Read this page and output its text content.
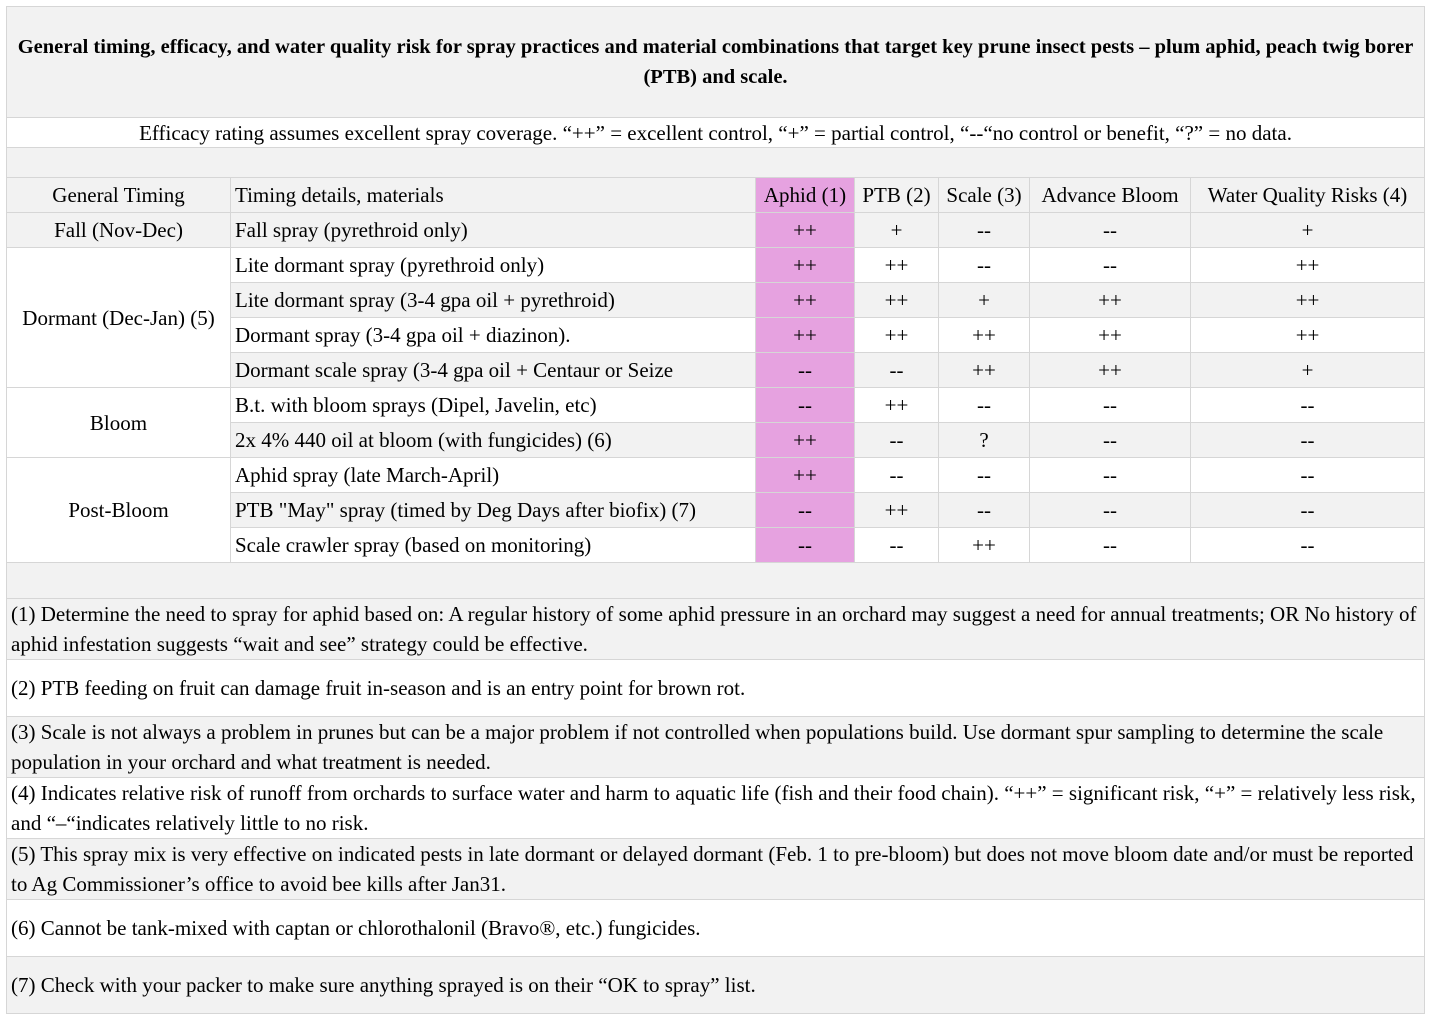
General timing, efficacy, and water quality risk for spray practices and material combinations that target key prune insect pests – plum aphid, peach twig borer (PTB) and scale.						
Efficacy rating assumes excellent spray coverage. “++” = excellent control, “+” = partial control, “--“no control or benefit, “?” = no data.						

General Timing	Timing details, materials	Aphid (1)	PTB (2)	Scale (3)	Advance Bloom	Water Quality Risks (4)
Fall (Nov-Dec)	Fall spray (pyrethroid only)	++	+	--	--	+
Dormant (Dec-Jan) (5)	Lite dormant spray (pyrethroid only)	++	++	--	--	++
	Lite dormant spray (3-4 gpa oil + pyrethroid)	++	++	+	++	++
	Dormant spray (3-4 gpa oil + diazinon).	++	++	++	++	++
	Dormant scale spray (3-4 gpa oil + Centaur or Seize	--	--	++	++	+
Bloom	B.t. with bloom sprays (Dipel, Javelin, etc)	--	++	--	--	--
	2x 4% 440 oil at bloom (with fungicides) (6)	++	--	?	--	--
Post-Bloom	Aphid spray (late March-April)	++	--	--	--	--
	PTB "May" spray (timed by Deg Days after biofix) (7)	--	++	--	--	--
	Scale crawler spray (based on monitoring)	--	--	++	--	--

(1) Determine the need to spray for aphid based on: A regular history of some aphid pressure in an orchard may suggest a need for annual treatments; OR No history of aphid infestation suggests “wait and see” strategy could be effective.						
(2) PTB feeding on fruit can damage fruit in-season and is an entry point for brown rot.						
(3) Scale is not always a problem in prunes but can be a major problem if not controlled when populations build. Use dormant spur sampling to determine the scale population in your orchard and what treatment is needed.						
(4) Indicates relative risk of runoff from orchards to surface water and harm to aquatic life (fish and their food chain). “++” = significant risk, “+” = relatively less risk, and “–“indicates relatively little to no risk.						
(5) This spray mix is very effective on indicated pests in late dormant or delayed dormant (Feb. 1 to pre-bloom) but does not move bloom date and/or must be reported to Ag Commissioner’s office to avoid bee kills after Jan31.						
(6) Cannot be tank-mixed with captan or chlorothalonil (Bravo®, etc.) fungicides.						
(7) Check with your packer to make sure anything sprayed is on their “OK to spray” list.						
